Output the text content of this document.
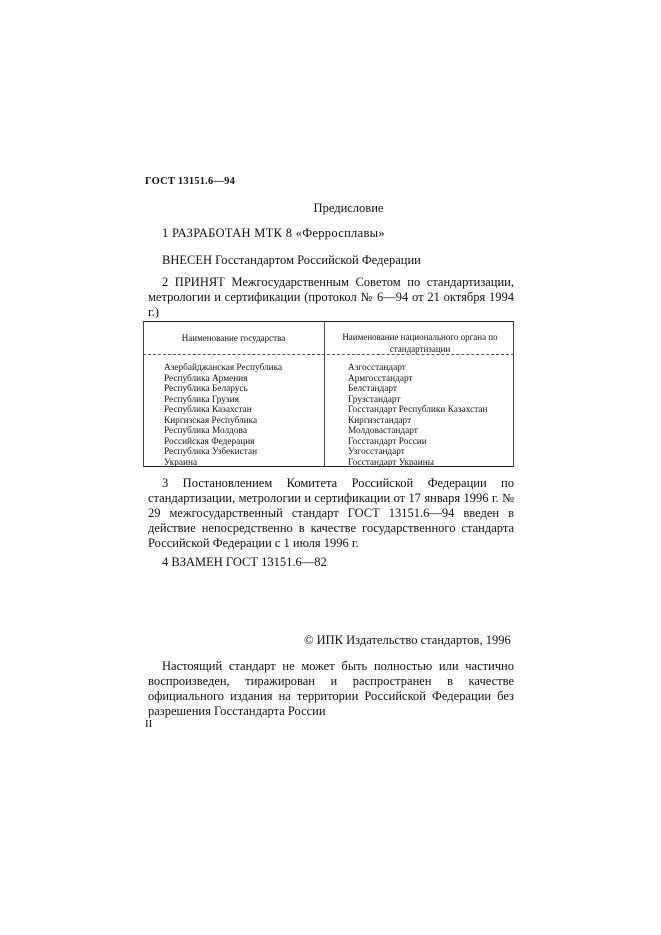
ГОСТ 13151.6—94
Предисловие
1 РАЗРАБОТАН МТК 8 «Ферросплавы»
ВНЕСЕН Госстандартом Российской Федерации
2 ПРИНЯТ Межгосударственным Советом по стандартизации, метрологии и сертификации (протокол № 6—94 от 21 октября 1994 г.)
Наименование государства	Наименование национального органа по стандартизации
Азербайджанская Республика
Республика Армения
Республика Беларусь
Республика Грузия
Республика Казахстан
Киргизская Республика
Республика Молдова
Российская Федерация
Республика Узбекистан
Украина
Азгосстандарт
Армгосстандарт
Белстандарт
Грузстандарт
Госстандарт Республики Казахстан
Киргизстандарт
Молдовастандарт
Госстандарт России
Узгосстандарт
Госстандарт Украины
3 Постановлением Комитета Российской Федерации по стандартизации, метрологии и сертификации от 17 января 1996 г. № 29 межгосударственный стандарт ГОСТ 13151.6—94 введен в действие непосредственно в качестве государственного стандарта Российской Федерации с 1 июля 1996 г.
4 ВЗАМЕН ГОСТ 13151.6—82
© ИПК Издательство стандартов, 1996
Настоящий стандарт не может быть полностью или частично воспроизведен, тиражирован и распространен в качестве официального издания на территории Российской Федерации без разрешения Госстандарта России
II
